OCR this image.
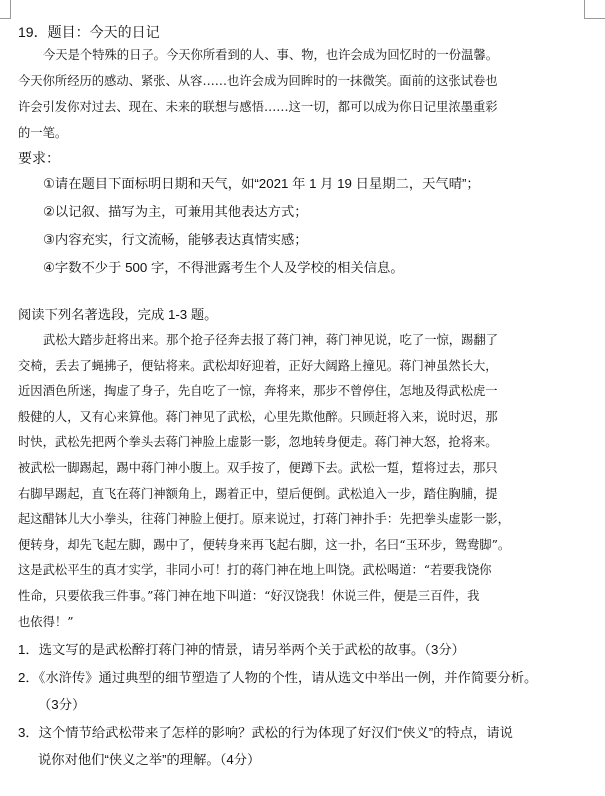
19．题目：今天的日记

今天是个特殊的日子。今天你所看到的人、事、物，也许会成为回忆时的一份温馨。

今天你所经历的感动、紧张、从容……也许会成为回眸时的一抹微笑。面前的这张试卷也

许会引发你对过去、现在、未来的联想与感悟……这一切，都可以成为你日记里浓墨重彩

的一笔。

要求：
①请在题目下面标明日期和天气，如“2021 年 1 月 19 日星期二，天气晴”；
②以记叙、描写为主，可兼用其他表达方式；
③内容充实，行文流畅，能够表达真情实感；
④字数不少于 500 字，不得泄露考生个人及学校的相关信息。
阅读下列名著选段，完成 1-3 题。

武松大踏步赶将出来。那个抢子径奔去报了蒋门神，蒋门神见说，吃了一惊，踢翻了

交椅，丢去了蝇拂子，便钻将来。武松却好迎着，正好大阔路上撞见。蒋门神虽然长大，

近因酒色所迷，掏虚了身子，先自吃了一惊，奔将来，那步不曾停住，怎地及得武松虎一

般健的人，又有心来算他。蒋门神见了武松，心里先欺他醉。只顾赶将入来，说时迟，那

时快，武松先把两个拳头去蒋门神脸上虚影一影，忽地转身便走。蒋门神大怒，抢将来。

被武松一脚踢起，踢中蒋门神小腹上。双手按了，便蹲下去。武松一踅，踅将过去，那只

右脚早踢起，直飞在蒋门神额角上，踢着正中，望后便倒。武松追入一步，踏住胸脯，提

起这醋钵儿大小拳头，往蒋门神脸上便打。原来说过，打蒋门神扑手：先把拳头虚影一影，

便转身，却先飞起左脚，踢中了，便转身来再飞起右脚，这一扑，名曰“玉环步，鸳鸯脚”。

这是武松平生的真才实学，非同小可！打的蒋门神在地上叫饶。武松喝道：“若要我饶你

性命，只要依我三件事。”蒋门神在地下叫道：“好汉饶我！休说三件，便是三百件，我

也依得！”

1．选文写的是武松醉打蒋门神的情景，请另举两个关于武松的故事。（3分）
2．《水浒传》通过典型的细节塑造了人物的个性，请从选文中举出一例，并作简要分析。
（3分）
3．这个情节给武松带来了怎样的影响？武松的行为体现了好汉们“侠义”的特点，请说
说你对他们“侠义之举”的理解。（4分）
